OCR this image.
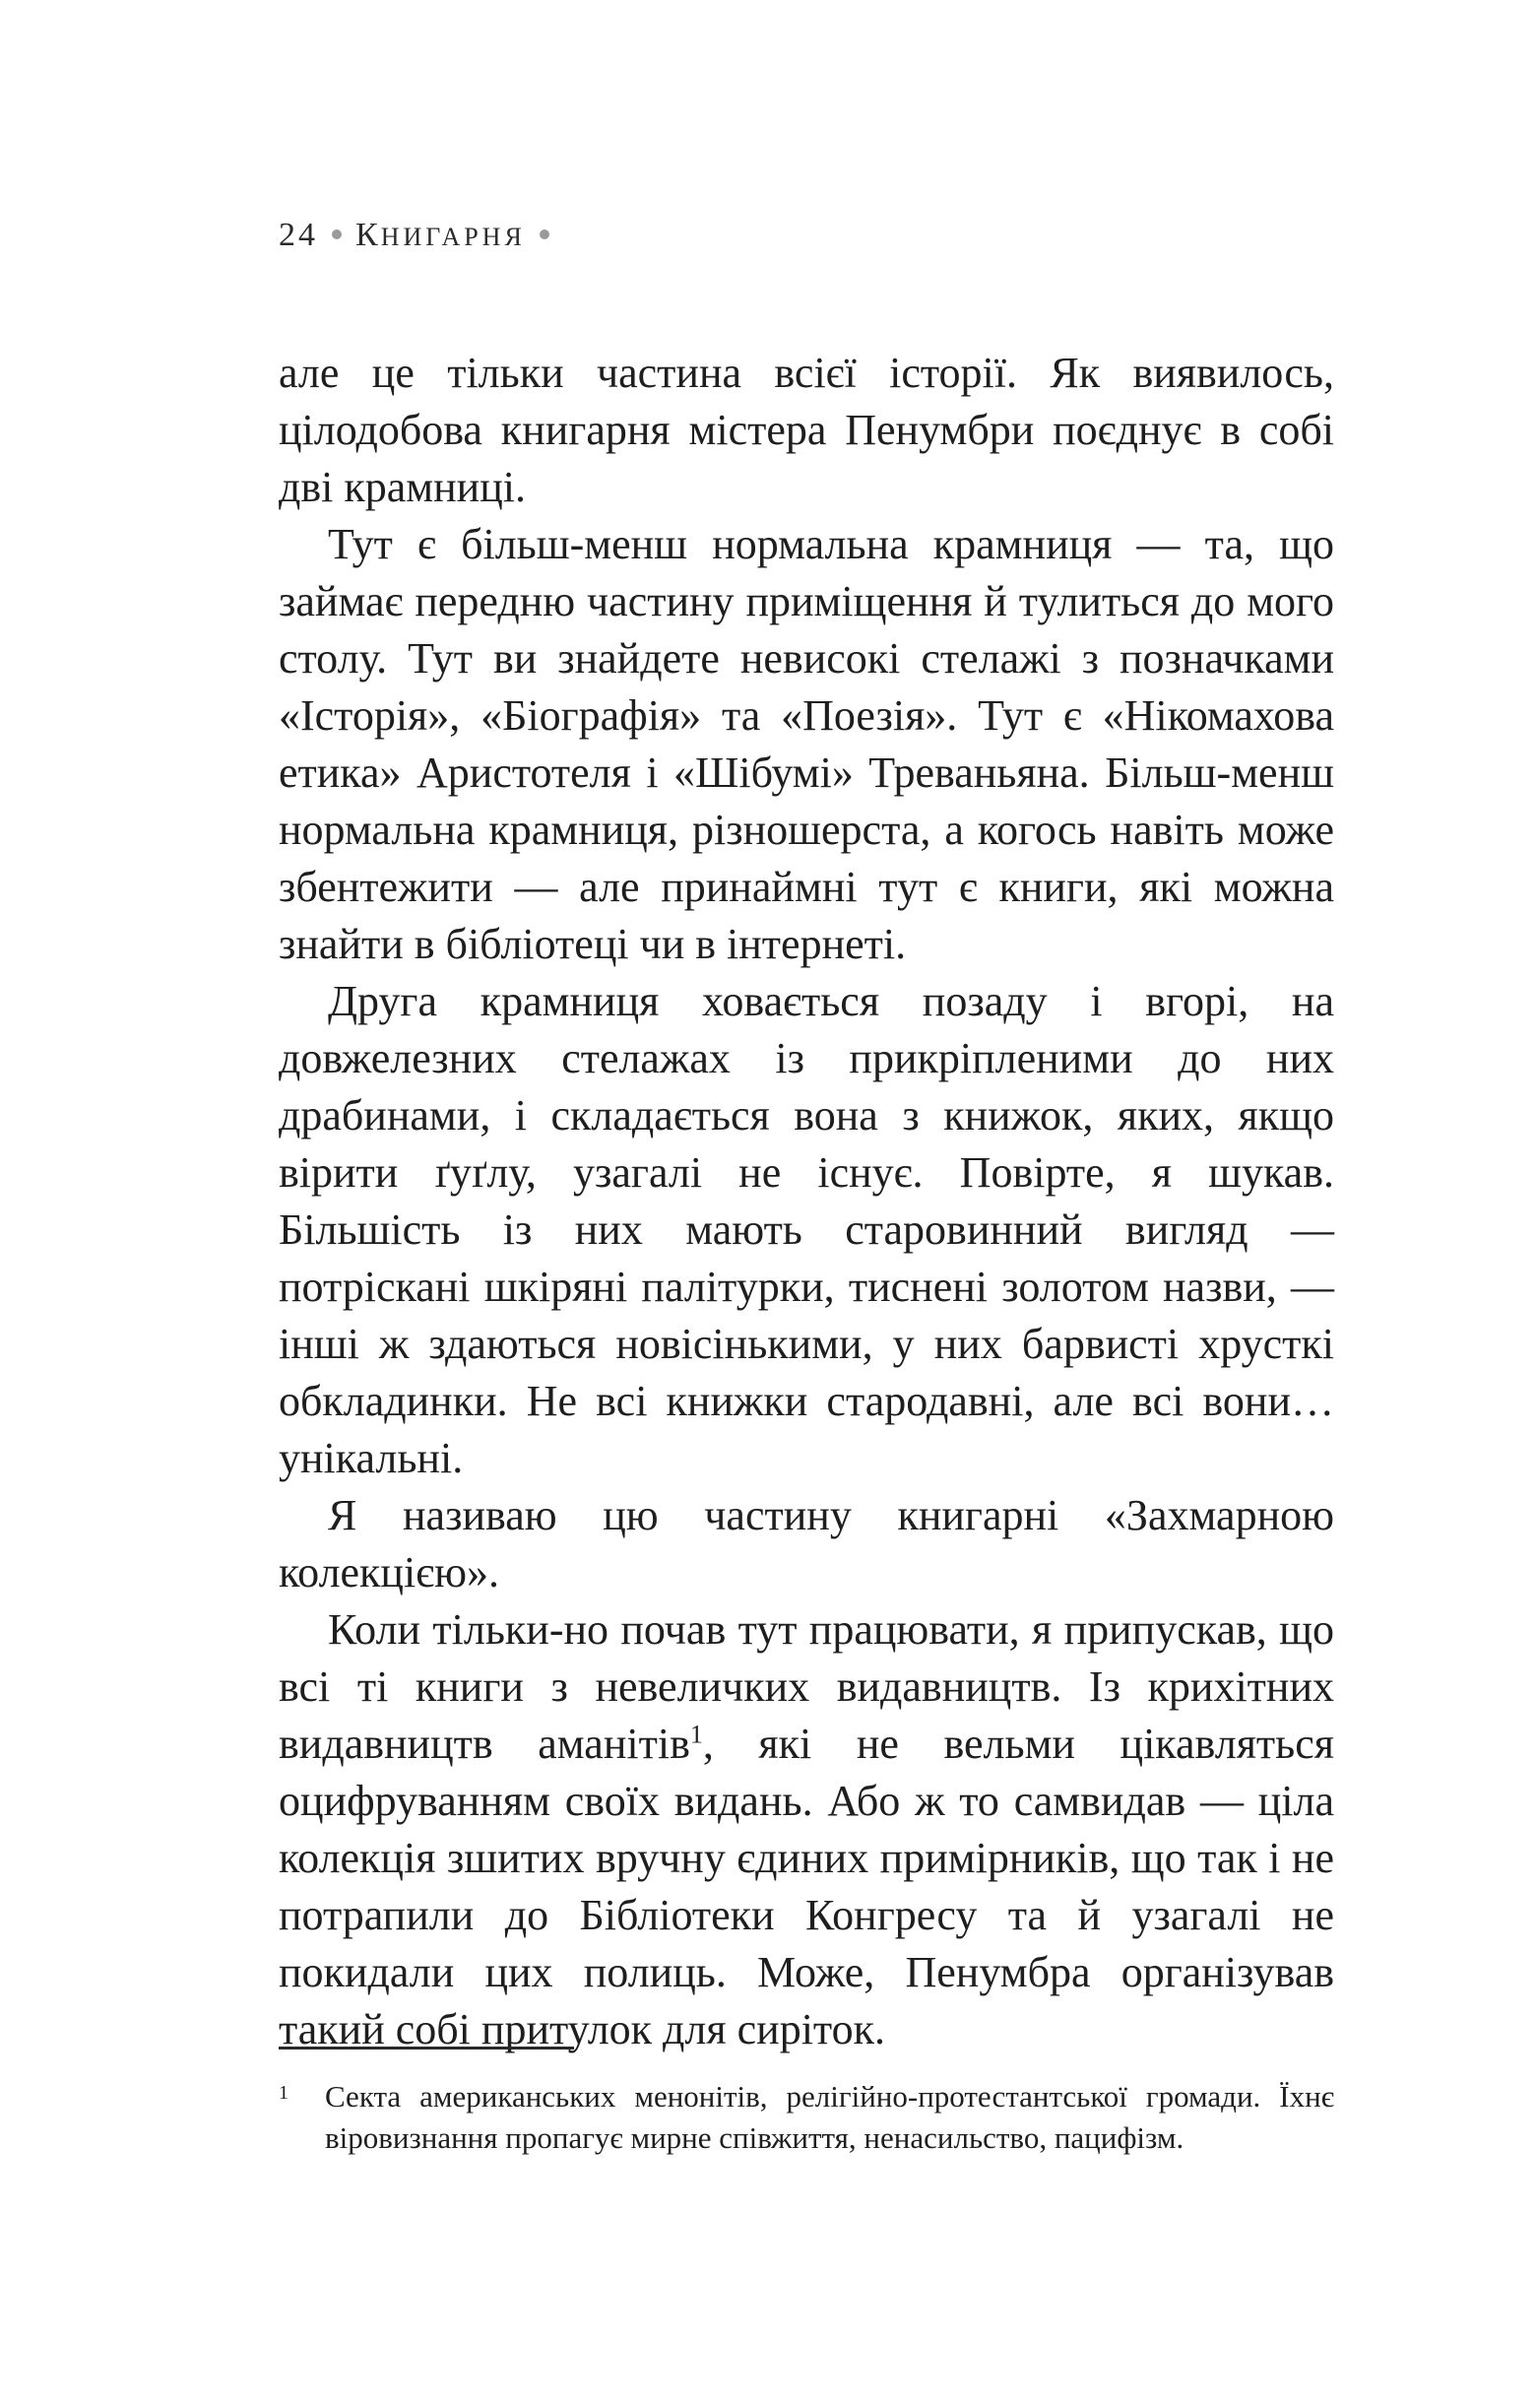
24 КНИГАРНЯ

але це тільки частина всієї історії. Як виявилось, цілодобова книгарня містера Пенумбри поєднує в собі дві крамниці.

Тут є більш-менш нормальна крамниця — та, що займає передню частину приміщення й тулиться до мого столу. Тут ви знайдете невисокі стелажі з позначками «Історія», «Біографія» та «Поезія». Тут є «Нікомахова етика» Аристотеля і «Шібумі» Треваньяна. Більш-менш нормальна крамниця, різношерста, а когось навіть може збентежити — але принаймні тут є книги, які можна знайти в бібліотеці чи в інтернеті.

Друга крамниця ховається позаду і вгорі, на довжелезних стелажах із прикріпленими до них драбинами, і складається вона з книжок, яких, якщо вірити ґуґлу, узагалі не існує. Повірте, я шукав. Більшість із них мають старовинний вигляд — потріскані шкіряні палітурки, тиснені золотом назви, — інші ж здаються новісінькими, у них барвисті хрусткі обкладинки. Не всі книжки стародавні, але всі вони… унікальні.

Я називаю цю частину книгарні «Захмарною колекцією».

Коли тільки-но почав тут працювати, я припускав, що всі ті книги з невеличких видавництв. Із крихітних видавництв аманітів$^1$, які не вельми цікавляться оцифруванням своїх видань. Або ж то самвидав — ціла колекція зшитих вручну єдиних примірників, що так і не потрапили до Бібліотеки Конгресу та й узагалі не покидали цих полиць. Може, Пенумбра організував такий собі притулок для сиріток.

1 Секта американських менонітів, релігійно-протестантської громади. Їхнє віровизнання пропагує мирне співжиття, ненасильство, пацифізм.
